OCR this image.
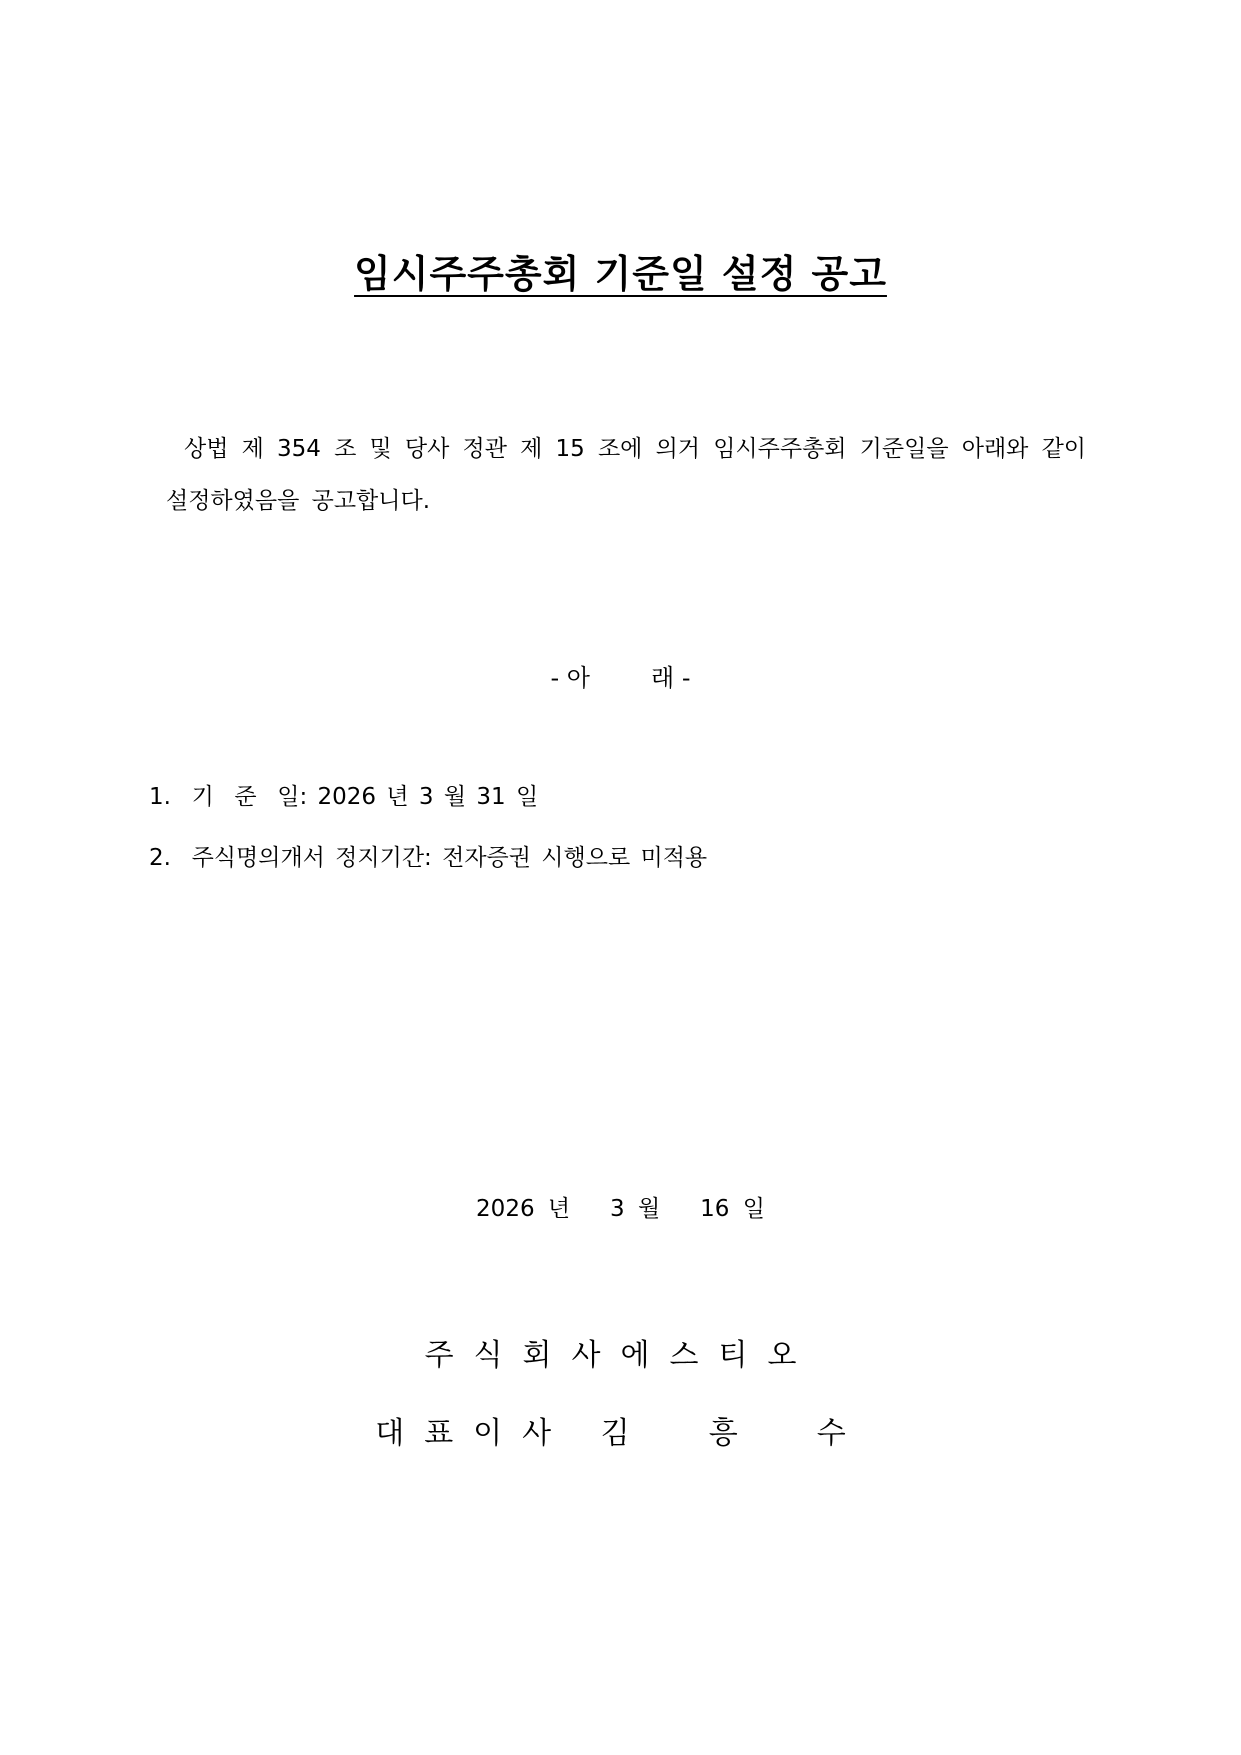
임시주주총회 기준일 설정 공고

상법 제 354 조 및 당사 정관 제 15 조에 의거 임시주주총회 기준일을 아래와 같이 설정하였음을 공고합니다.

- 아        래 -

1.  기  준  일: 2026 년 3 월 31 일
2.  주식명의개서 정지기간: 전자증권 시행으로 미적용

2026 년   3 월   16 일

주식회사에스티오

대표이사 김  흥  수
